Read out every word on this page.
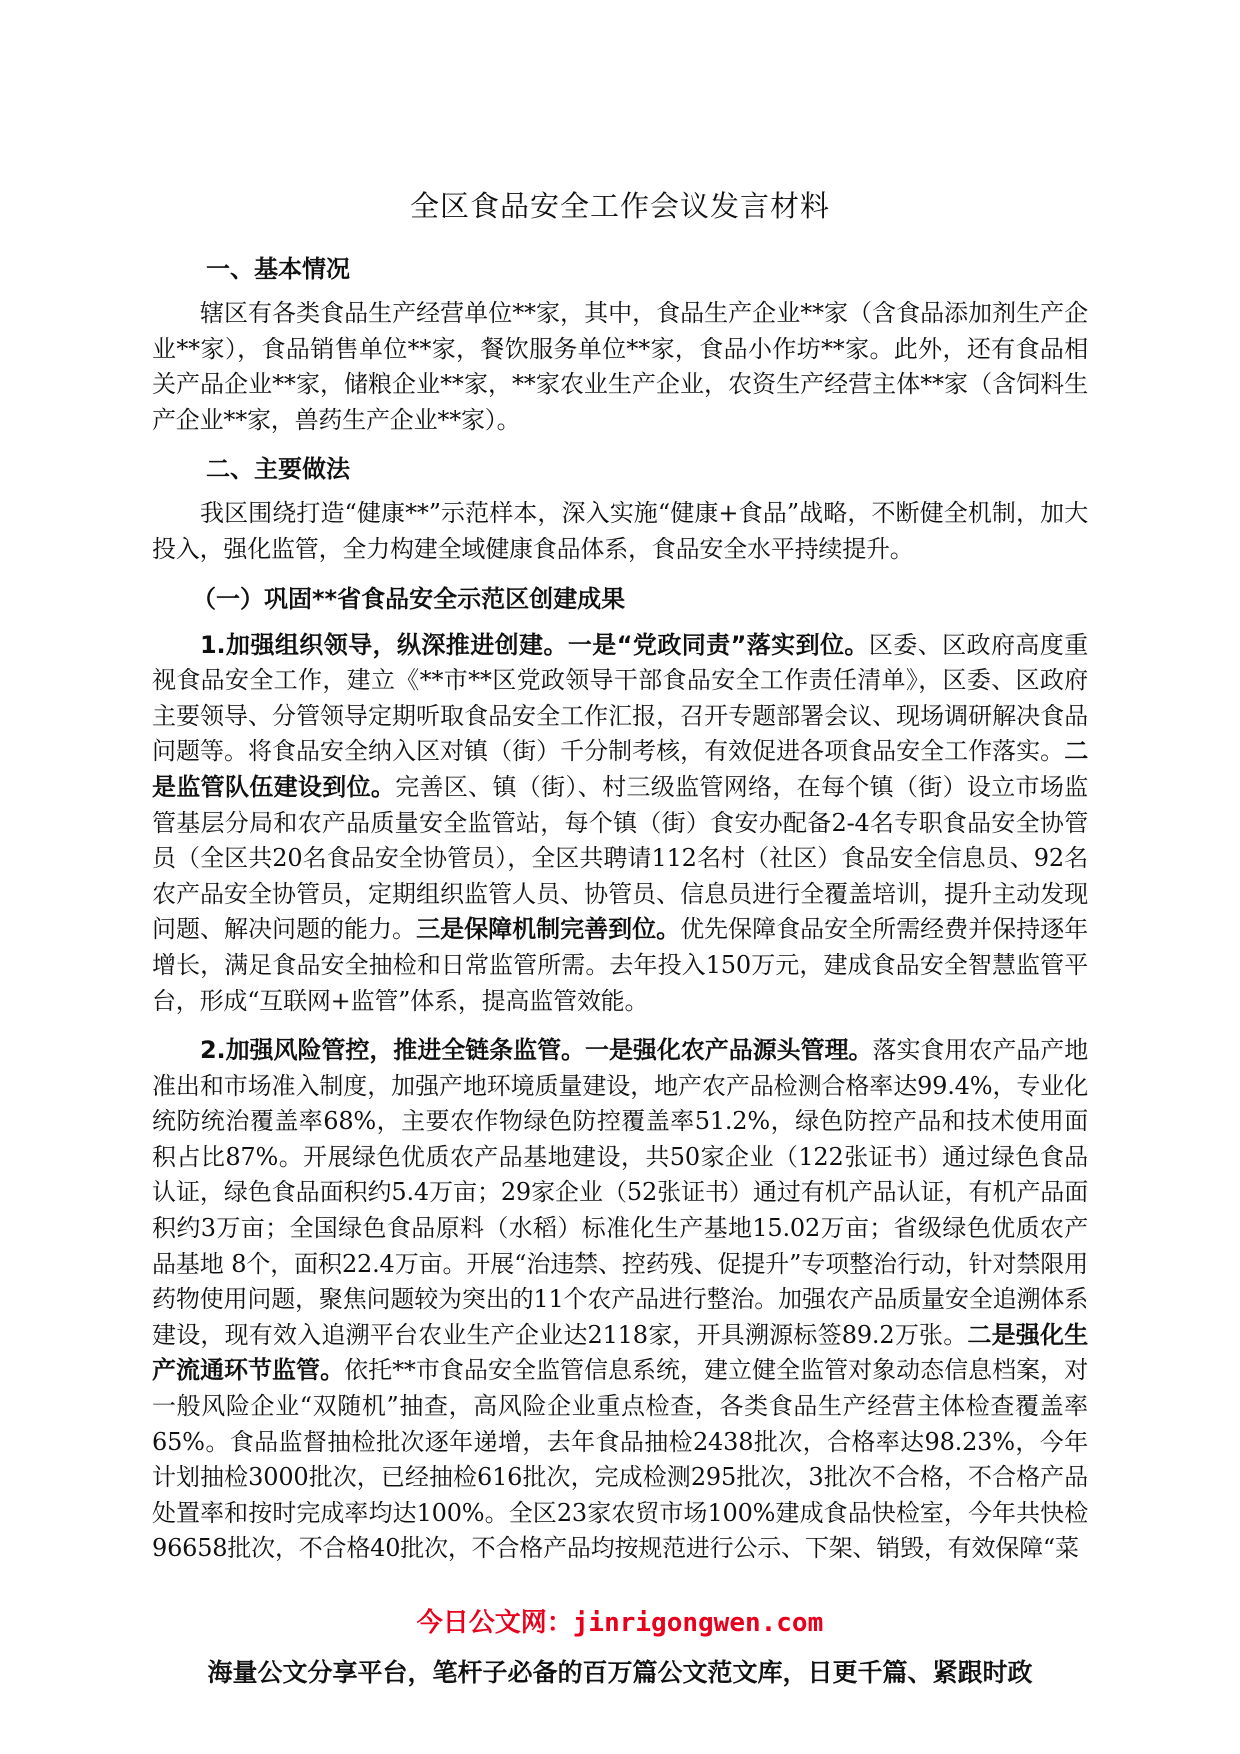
全区食品安全工作会议发言材料
一、基本情况

辖区有各类食品生产经营单位**家，其中，食品生产企业**家（含食品添加剂生产企业**家），食品销售单位**家，餐饮服务单位**家，食品小作坊**家。此外，还有食品相关产品企业**家，储粮企业**家，**家农业生产企业，农资生产经营主体**家（含饲料生产企业**家，兽药生产企业**家）。

二、主要做法

我区围绕打造“健康**”示范样本，深入实施“健康+食品”战略，不断健全机制，加大投入，强化监管，全力构建全域健康食品体系，食品安全水平持续提升。

（一）巩固**省食品安全示范区创建成果

1.加强组织领导，纵深推进创建。一是“党政同责”落实到位。区委、区政府高度重视食品安全工作，建立《**市**区党政领导干部食品安全工作责任清单》，区委、区政府主要领导、分管领导定期听取食品安全工作汇报，召开专题部署会议、现场调研解决食品问题等。将食品安全纳入区对镇（街）千分制考核，有效促进各项食品安全工作落实。二是监管队伍建设到位。完善区、镇（街）、村三级监管网络，在每个镇（街）设立市场监管基层分局和农产品质量安全监管站，每个镇（街）食安办配备2-4名专职食品安全协管员（全区共20名食品安全协管员），全区共聘请112名村（社区）食品安全信息员、92名农产品安全协管员，定期组织监管人员、协管员、信息员进行全覆盖培训，提升主动发现问题、解决问题的能力。三是保障机制完善到位。优先保障食品安全所需经费并保持逐年增长，满足食品安全抽检和日常监管所需。去年投入150万元，建成食品安全智慧监管平台，形成“互联网+监管”体系，提高监管效能。

2.加强风险管控，推进全链条监管。一是强化农产品源头管理。落实食用农产品产地准出和市场准入制度，加强产地环境质量建设，地产农产品检测合格率达99.4%，专业化统防统治覆盖率68%，主要农作物绿色防控覆盖率51.2%，绿色防控产品和技术使用面积占比87%。开展绿色优质农产品基地建设，共50家企业（122张证书）通过绿色食品认证，绿色食品面积约5.4万亩；29家企业（52张证书）通过有机产品认证，有机产品面积约3万亩；全国绿色食品原料（水稻）标准化生产基地15.02万亩；省级绿色优质农产品基地 8个，面积22.4万亩。开展“治违禁、控药残、促提升”专项整治行动，针对禁限用药物使用问题，聚焦问题较为突出的11个农产品进行整治。加强农产品质量安全追溯体系建设，现有效入追溯平台农业生产企业达2118家，开具溯源标签89.2万张。二是强化生产流通环节监管。依托**市食品安全监管信息系统，建立健全监管对象动态信息档案，对一般风险企业“双随机”抽查，高风险企业重点检查，各类食品生产经营主体检查覆盖率65%。食品监督抽检批次逐年递增，去年食品抽检2438批次，合格率达98.23%，今年计划抽检3000批次，已经抽检616批次，完成检测295批次，3批次不合格，不合格产品处置率和按时完成率均达100%。全区23家农贸市场100%建成食品快检室，今年共快检96658批次，不合格40批次，不合格产品均按规范进行公示、下架、销毁，有效保障“菜

今日公文网：jinrigongwen.com
海量公文分享平台，笔杆子必备的百万篇公文范文库，日更千篇、紧跟时政
